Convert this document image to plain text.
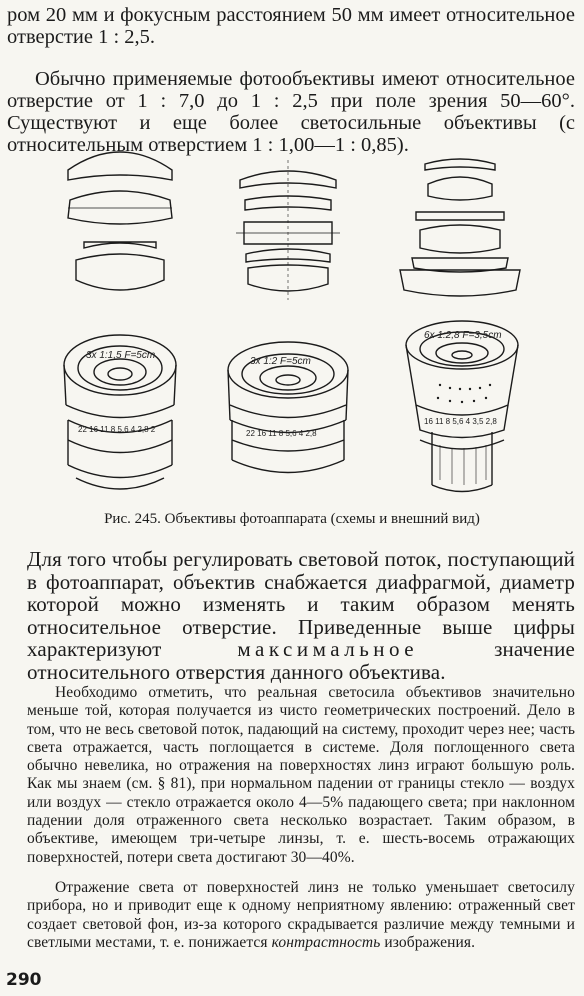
ром 20 мм и фокусным расстоянием 50 мм имеет относительное отверстие 1 : 2,5.

Обычно применяемые фотообъективы имеют относительное отверстие от 1 : 7,0 до 1 : 2,5 при поле зрения 50—60°. Существуют и еще более светосильные объективы (с относительным отверстием 1 : 1,00—1 : 0,85).

3x 1:1,5 F=5cm
3x 1:2 F=5cm
6x 1:2,8 F=3,5cm
22 16 11 8 5,6 4 2,8 2	22 16 11 8 5,6 4 2,8
16 11 8 5,6 4 3,5 2,8

Рис. 245. Объективы фотоаппарата (схемы и внешний вид)

Для того чтобы регулировать световой поток, поступающий в фотоаппарат, объектив снабжается диафрагмой, диаметр которой можно изменять и таким образом менять относительное отверстие. Приведенные выше цифры характеризуют	максимальное	значение относительного отверстия данного объектива.

Необходимо отметить, что реальная светосила объективов значительно меньше той, которая получается из чисто геометрических построений. Дело в том, что не весь световой поток, падающий на систему, проходит через нее; часть света отражается, часть поглощается в системе. Доля поглощенного света обычно невелика, но отражения на поверхностях линз играют большую роль. Как мы знаем (см. § 81), при нормальном падении от границы стекло — воздух или воздух — стекло отражается около 4—5% падающего света; при наклонном падении доля отраженного света несколько возрастает. Таким образом, в объективе, имеющем три-четыре линзы, т. е. шесть-восемь отражающих поверхностей, потери света достигают 30—40%.

Отражение света от поверхностей линз не только уменьшает светосилу прибора, но и приводит еще к одному неприятному явлению: отраженный свет создает световой фон, из-за которого скрадывается различие между темными и светлыми местами, т. е. понижается контрастность изображения.

290
